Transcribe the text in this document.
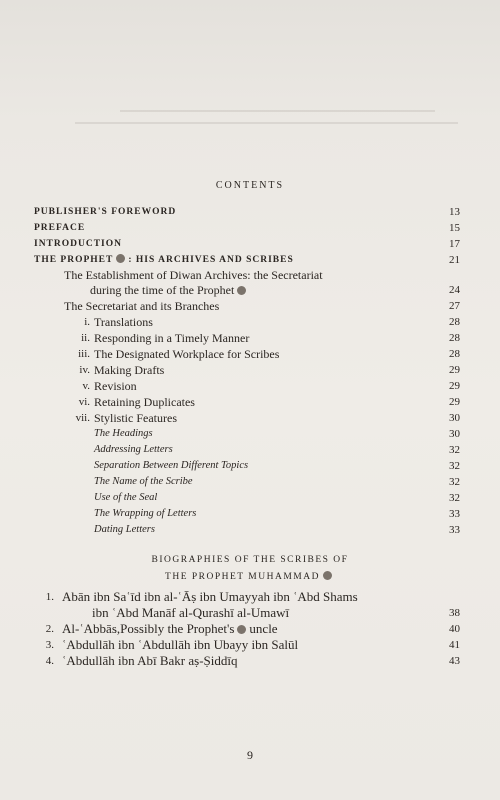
CONTENTS
PUBLISHER'S FOREWORD	13
PREFACE	15
INTRODUCTION	17
THE PROPHET : HIS ARCHIVES AND SCRIBES	21
The Establishment of Diwan Archives: the Secretariat
during the time of the Prophet	24
The Secretariat and its Branches	27
i. Translations	28
ii. Responding in a Timely Manner	28
iii. The Designated Workplace for Scribes	28
iv. Making Drafts	29
v. Revision	29
vi. Retaining Duplicates	29
vii. Stylistic Features	30
The Headings	30
Addressing Letters	32
Separation Between Different Topics	32
The Name of the Scribe	32
Use of the Seal	32
The Wrapping of Letters	33
Dating Letters	33
BIOGRAPHIES OF THE SCRIBES OF
THE PROPHET MUHAMMAD
1. Abān ibn Saʿīd ibn al-ʿĀṣ ibn Umayyah ibn ʿAbd Shams
ibn ʿAbd Manāf al-Qurashī al-Umawī	38
2. Al-ʿAbbās,Possibly the Prophet's uncle	40
3. ʿAbdullāh ibn ʿAbdullāh ibn Ubayy ibn Salūl	41
4. ʿAbdullāh ibn Abī Bakr aṣ-Ṣiddīq	43
9
